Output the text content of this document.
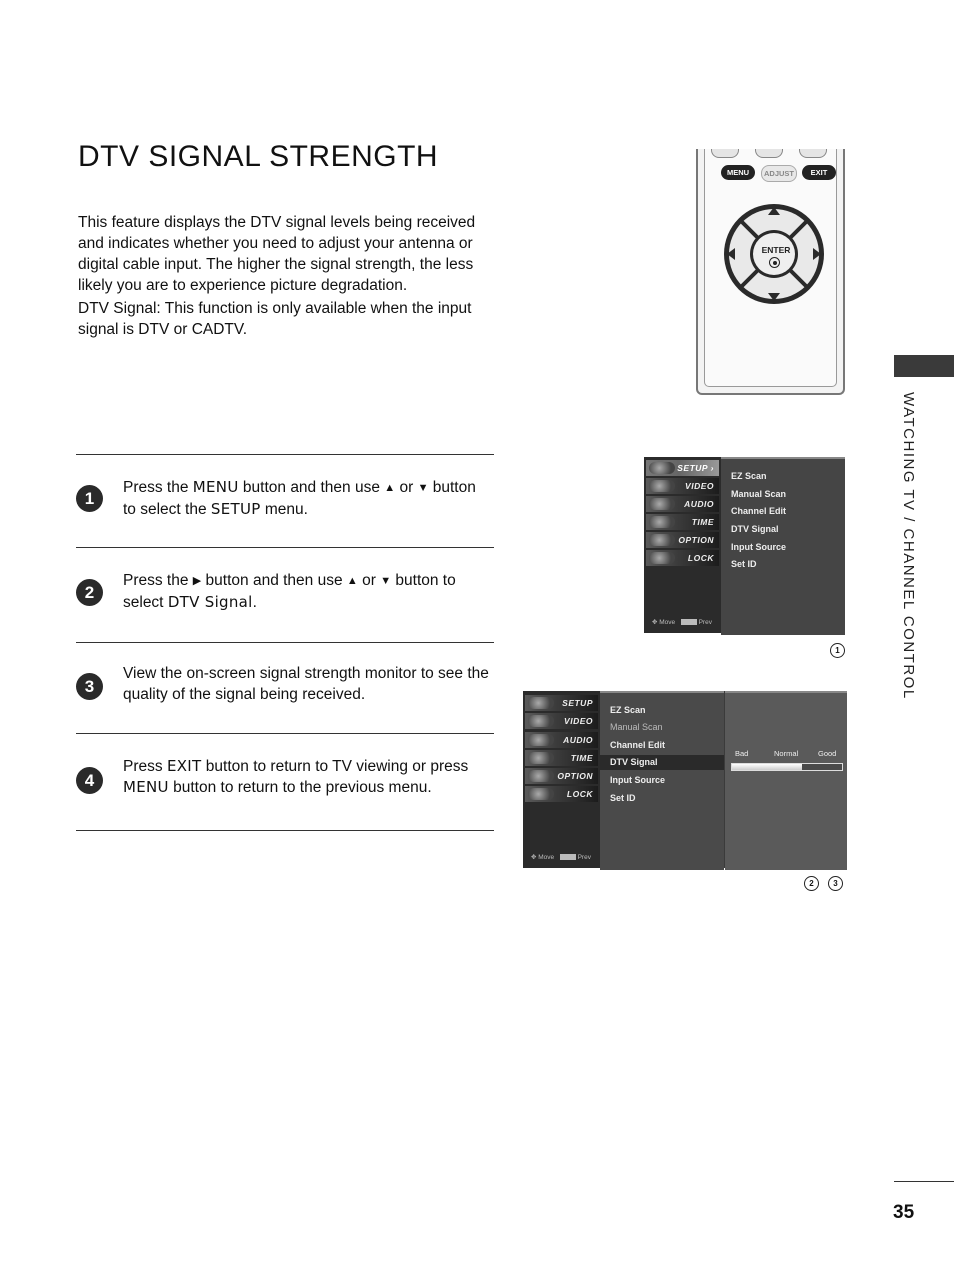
DTV SIGNAL STRENGTH
This feature displays the DTV signal levels being received and indicates whether you need to adjust your antenna or digital cable input. The higher the signal strength, the less likely you are to experience picture degradation.
DTV Signal: This function is only available when the input signal is DTV or CADTV.
1
Press the MENU button and then use ▲ or ▼ button to select the SETUP menu.
2
Press the ▶ button and then use ▲ or ▼ button to select DTV Signal.
3
View the on-screen signal strength monitor to see the quality of the signal being received.
4
Press EXIT button to return to TV viewing or press MENU button to return to the previous menu.
WATCHING TV / CHANNEL CONTROL
35
MENU	ADJUST	EXIT
ENTER
SETUP ›
VIDEO
AUDIO
TIME
OPTION
LOCK
✥ Move	Prev
EZ Scan
Manual Scan
Channel Edit
DTV Signal
Input Source
Set ID
1
SETUP
VIDEO
AUDIO
TIME
OPTION
LOCK
✥ Move	Prev
EZ Scan
Manual Scan
Channel Edit
DTV Signal
Input Source
Set ID
Bad	Normal	Good
2	3
